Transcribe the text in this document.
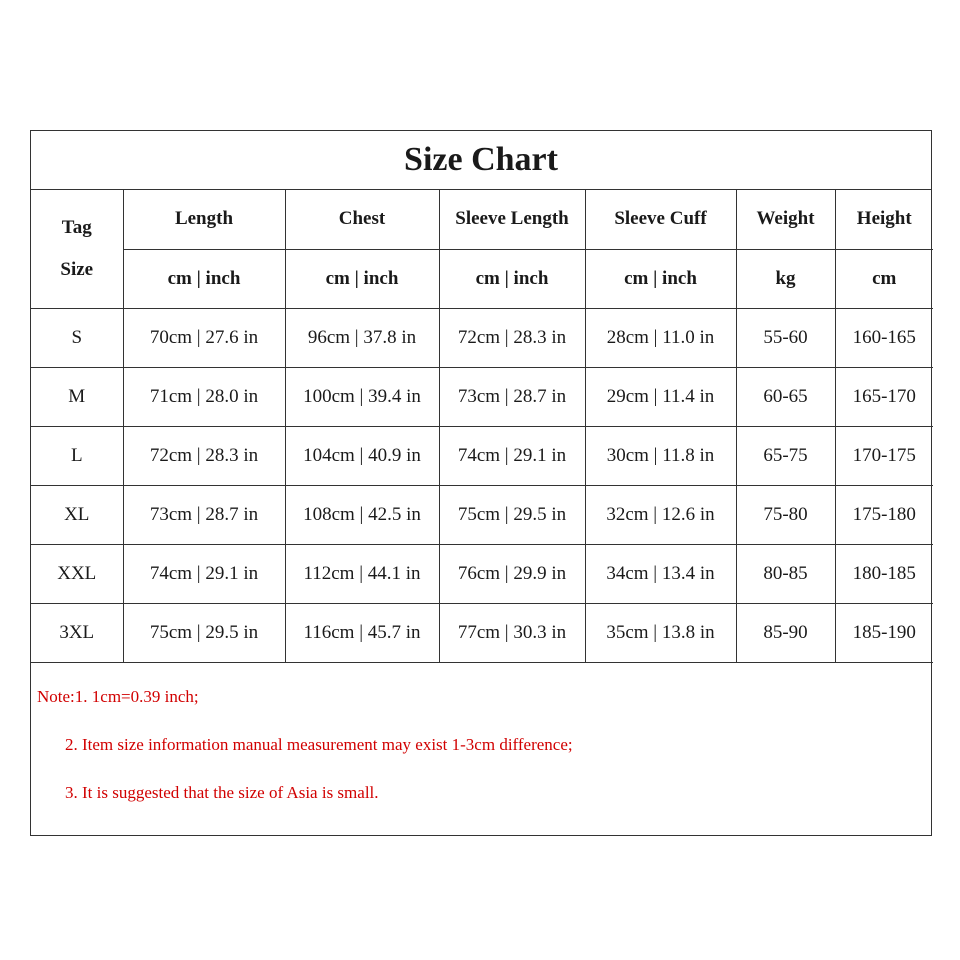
Size Chart
Tag
Size	Length	Chest	Sleeve Length	Sleeve Cuff	Weight	Height
	cm | inch	cm | inch	cm | inch	cm | inch	kg	cm
S	70cm | 27.6 in	96cm | 37.8 in	72cm | 28.3 in	28cm | 11.0 in	55-60	160-165
M	71cm | 28.0 in	100cm | 39.4 in	73cm | 28.7 in	29cm | 11.4 in	60-65	165-170
L	72cm | 28.3 in	104cm | 40.9 in	74cm | 29.1 in	30cm | 11.8 in	65-75	170-175
XL	73cm | 28.7 in	108cm | 42.5 in	75cm | 29.5 in	32cm | 12.6 in	75-80	175-180
XXL	74cm | 29.1 in	112cm | 44.1 in	76cm | 29.9 in	34cm | 13.4 in	80-85	180-185
3XL	75cm | 29.5 in	116cm | 45.7 in	77cm | 30.3 in	35cm | 13.8 in	85-90	185-190
Note:1. 1cm=0.39 inch;
2. Item size information manual measurement may exist 1-3cm difference;
3. It is suggested that the size of Asia is small.
